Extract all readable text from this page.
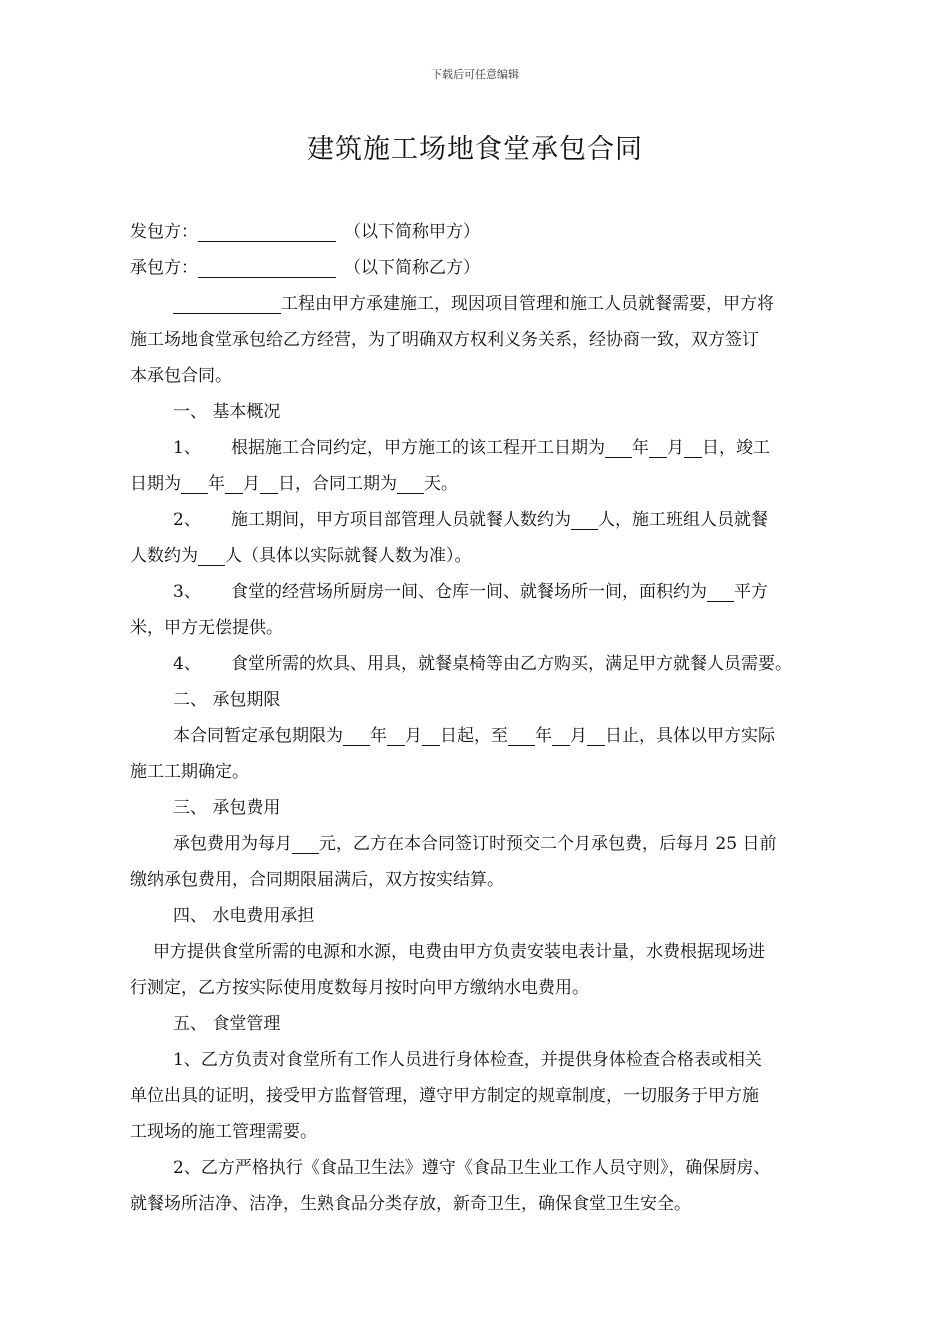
下载后可任意编辑
建筑施工场地食堂承包合同
发包方：	（以下简称甲方）
承包方：	（以下简称乙方）
工程由甲方承建施工，现因项目管理和施工人员就餐需要，甲方将
施工场地食堂承包给乙方经营，为了明确双方权利义务关系，经协商一致，双方签订
本承包合同。
一、 基本概况
1、 根据施工合同约定，甲方施工的该工程开工日期为 年 月 日，竣工
日期为 年 月 日，合同工期为 天。
2、 施工期间，甲方项目部管理人员就餐人数约为 人，施工班组人员就餐
人数约为 人（具体以实际就餐人数为准）。
3、 食堂的经营场所厨房一间、仓库一间、就餐场所一间，面积约为 平方
米，甲方无偿提供。
4、 食堂所需的炊具、用具，就餐桌椅等由乙方购买，满足甲方就餐人员需要。
二、 承包期限
本合同暂定承包期限为 年 月 日起，至 年 月 日止，具体以甲方实际
施工工期确定。
三、 承包费用
承包费用为每月 元，乙方在本合同签订时预交二个月承包费，后每月 25 日前
缴纳承包费用，合同期限届满后，双方按实结算。
四、 水电费用承担
甲方提供食堂所需的电源和水源，电费由甲方负责安装电表计量，水费根据现场进
行测定，乙方按实际使用度数每月按时向甲方缴纳水电费用。
五、 食堂管理
1、乙方负责对食堂所有工作人员进行身体检查，并提供身体检查合格表或相关
单位出具的证明，接受甲方监督管理，遵守甲方制定的规章制度，一切服务于甲方施
工现场的施工管理需要。
2、乙方严格执行《食品卫生法》遵守《食品卫生业工作人员守则》，确保厨房、
就餐场所洁净、洁净，生熟食品分类存放，新奇卫生，确保食堂卫生安全。
